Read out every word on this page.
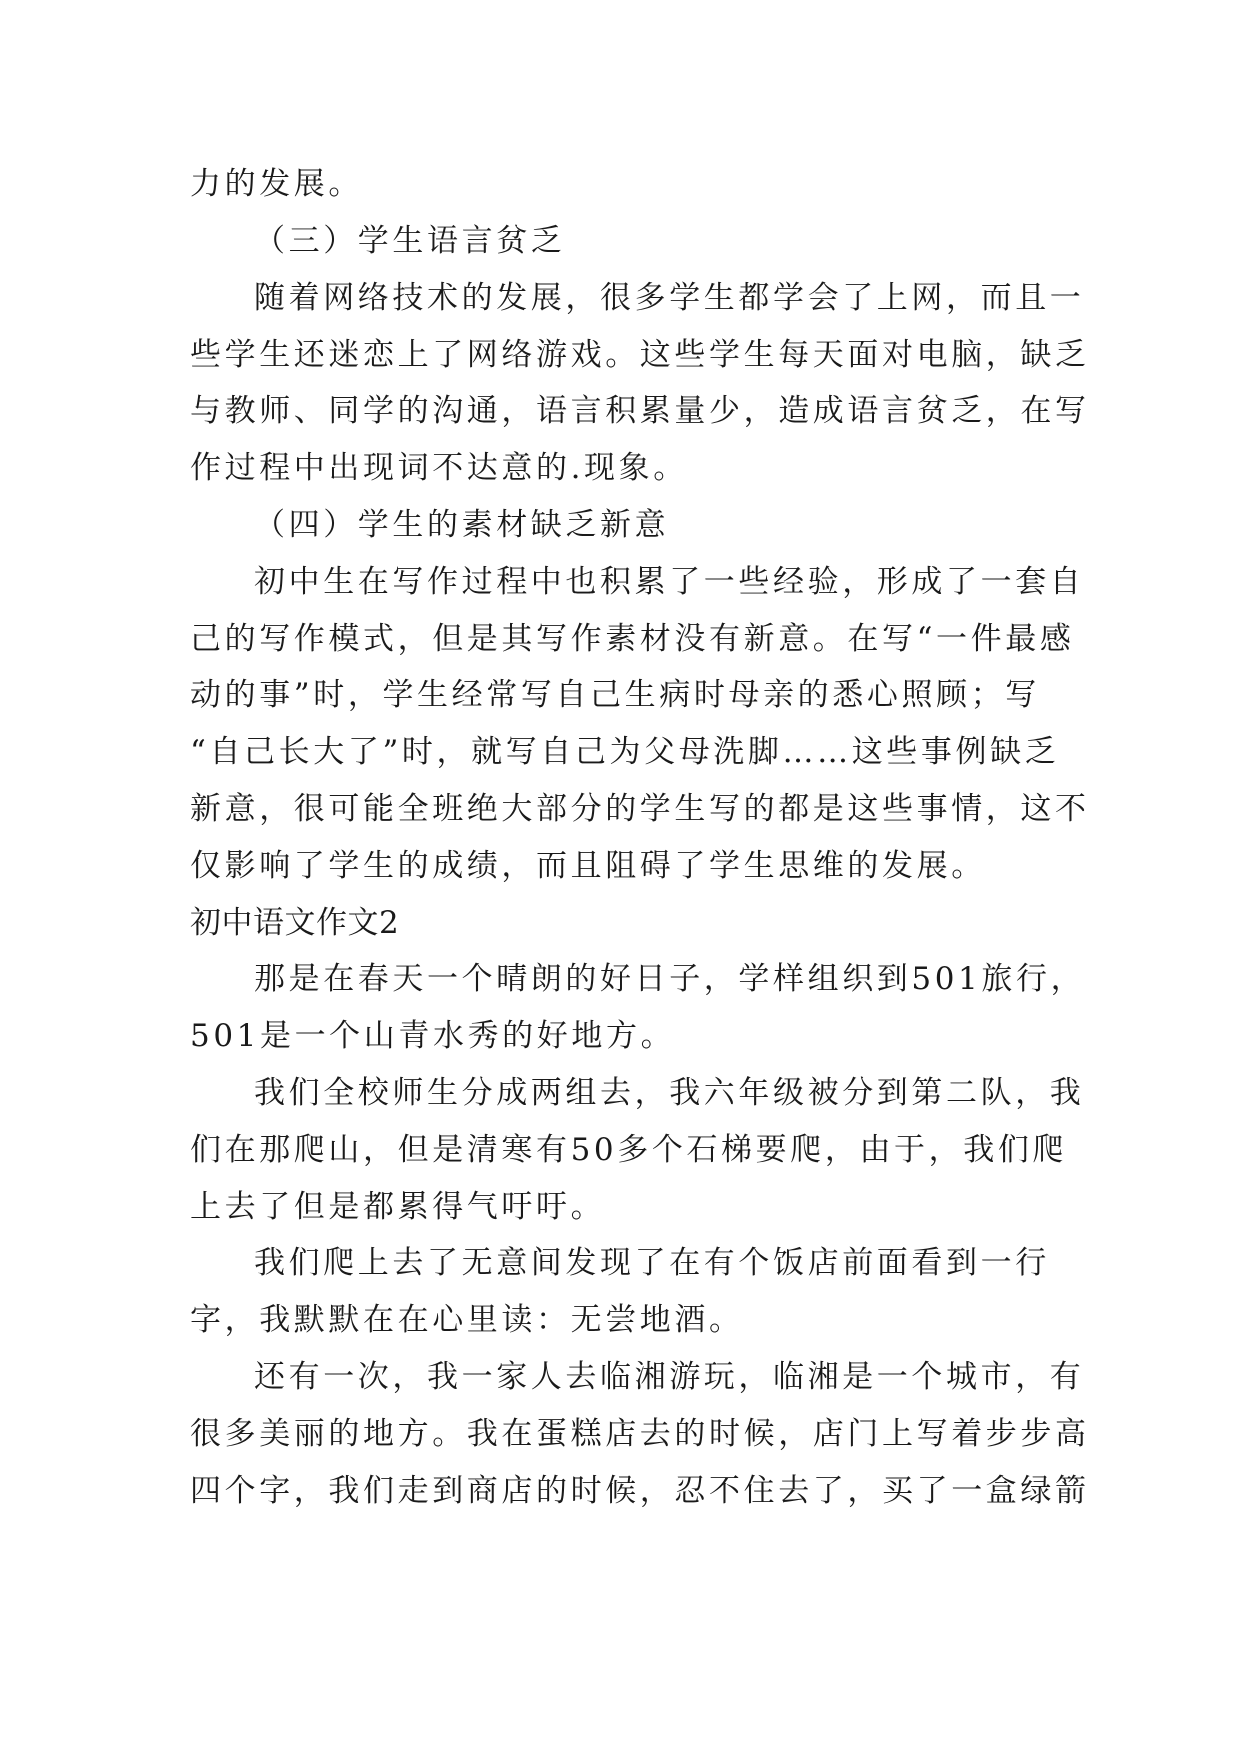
力的发展。
（三）学生语言贫乏
随着网络技术的发展，很多学生都学会了上网，而且一
些学生还迷恋上了网络游戏。这些学生每天面对电脑，缺乏
与教师、同学的沟通，语言积累量少，造成语言贫乏，在写
作过程中出现词不达意的.现象。
（四）学生的素材缺乏新意
初中生在写作过程中也积累了一些经验，形成了一套自
己的写作模式，但是其写作素材没有新意。在写“一件最感
动的事”时，学生经常写自己生病时母亲的悉心照顾；写
“自己长大了”时，就写自己为父母洗脚……这些事例缺乏
新意，很可能全班绝大部分的学生写的都是这些事情，这不
仅影响了学生的成绩，而且阻碍了学生思维的发展。
初中语文作文2
那是在春天一个晴朗的好日子，学样组织到501旅行，
501是一个山青水秀的好地方。
我们全校师生分成两组去，我六年级被分到第二队，我
们在那爬山，但是清寒有50多个石梯要爬，由于，我们爬
上去了但是都累得气吁吁。
我们爬上去了无意间发现了在有个饭店前面看到一行
字，我默默在在心里读：无尝地酒。
还有一次，我一家人去临湘游玩，临湘是一个城市，有
很多美丽的地方。我在蛋糕店去的时候，店门上写着步步高
四个字，我们走到商店的时候，忍不住去了，买了一盒绿箭
